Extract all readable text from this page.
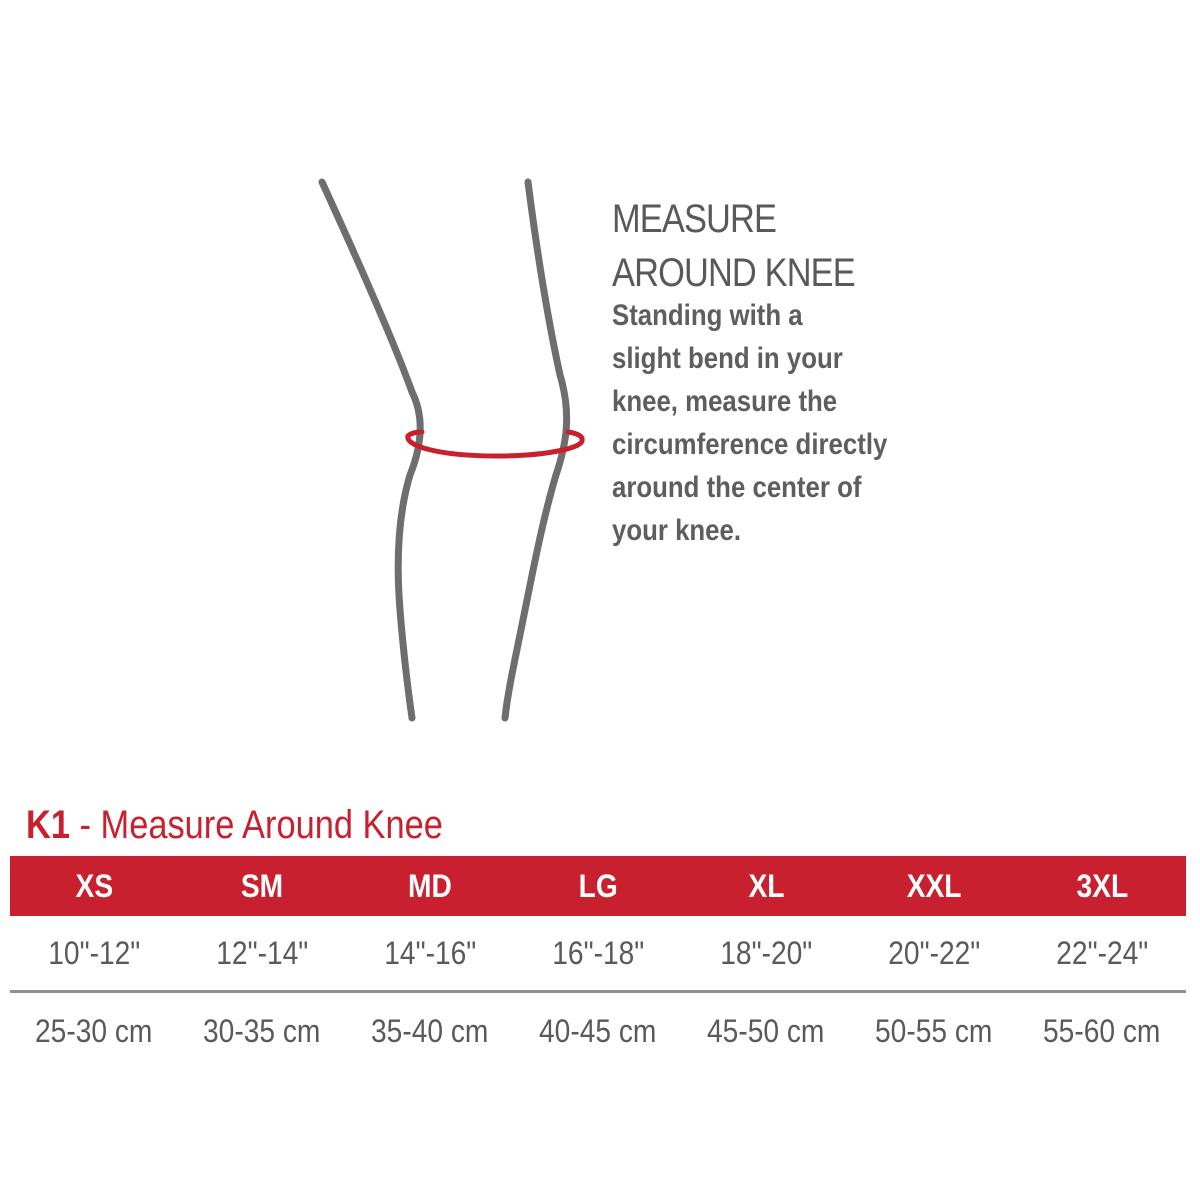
MEASURE
AROUND KNEE
Standing with a
slight bend in your
knee, measure the
circumference directly
around the center of
your knee.
K1 - Measure Around Knee
XS	SM	MD	LG	XL	XXL	3XL
10"-12"	12"-14"	14"-16"	16"-18"	18"-20"	20"-22"	22"-24"
25-30 cm	30-35 cm	35-40 cm	40-45 cm	45-50 cm	50-55 cm	55-60 cm
